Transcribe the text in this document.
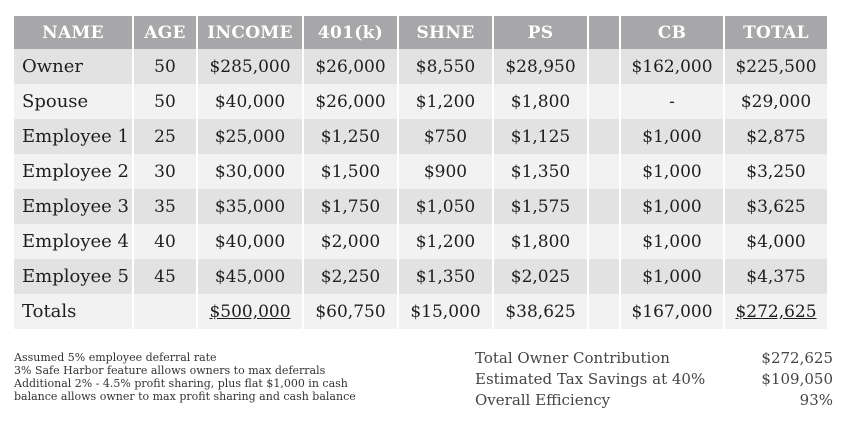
NAME	AGE	INCOME	401(k)	SHNE	PS		CB	TOTAL
Owner	50	$285,000	$26,000	$8,550	$28,950		$162,000	$225,500
Spouse	50	$40,000	$26,000	$1,200	$1,800		-	$29,000
Employee 1	25	$25,000	$1,250	$750	$1,125		$1,000	$2,875
Employee 2	30	$30,000	$1,500	$900	$1,350		$1,000	$3,250
Employee 3	35	$35,000	$1,750	$1,050	$1,575		$1,000	$3,625
Employee 4	40	$40,000	$2,000	$1,200	$1,800		$1,000	$4,000
Employee 5	45	$45,000	$2,250	$1,350	$2,025		$1,000	$4,375
Totals		$500,000	$60,750	$15,000	$38,625		$167,000	$272,625
Assumed 5% employee deferral rate
3% Safe Harbor feature allows owners to max deferrals
Additional 2% - 4.5% profit sharing, plus flat $1,000 in cash
balance allows owner to max profit sharing and cash balance
Total Owner Contribution	$272,625
Estimated Tax Savings at 40%	$109,050
Overall Efficiency	93%
